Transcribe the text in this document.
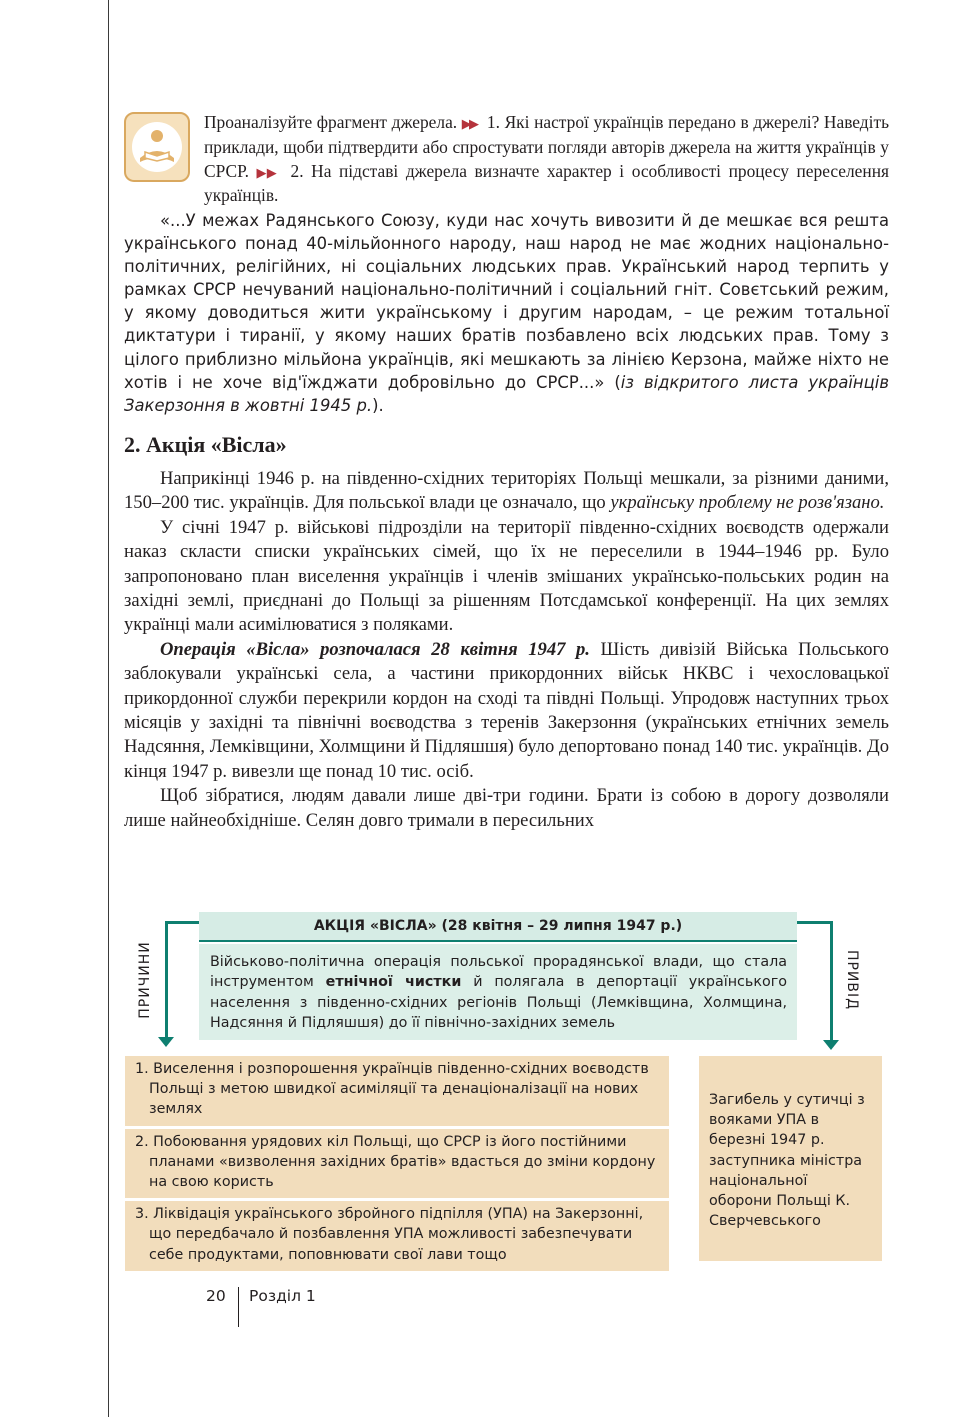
Проаналізуйте фрагмент джерела. ▶▶ 1. Які настрої українців передано в джерелі? Наведіть приклади, щоби підтвердити або спростувати погляди авторів джерела на життя українців у СРСР. ▶▶ 2. На підставі джерела визначте характер і особливості процесу переселення українців.

«...У межах Радянського Союзу, куди нас хочуть вивозити й де мешкає вся решта українського понад 40-мільйонного народу, наш народ не має жодних національно-політичних, релігійних, ні соціальних людських прав. Український народ терпить у рамках СРСР нечуваний національно-політичний і соціальний гніт. Совєтський режим, у якому доводиться жити українському і другим народам, – це режим тотальної диктатури і тиранії, у якому наших братів позбавлено всіх людських прав. Тому з цілого приблизно мільйона українців, які мешкають за лінією Керзона, майже ніхто не хотів і не хоче від'їжджати добровільно до СРСР...» (із відкритого листа українців Закерзоння в жовтні 1945 р.).

2. Акція «Вісла»

Наприкінці 1946 р. на південно-східних територіях Польщі мешкали, за різними даними, 150–200 тис. українців. Для польської влади це означало, що українську проблему не розв'язано.

У січні 1947 р. військові підрозділи на території південно-східних воєводств одержали наказ скласти списки українських сімей, що їх не переселили в 1944–1946 рр. Було запропоновано план виселення українців і членів змішаних українсько-польських родин на західні землі, приєднані до Польщі за рішенням Потсдамської конференції. На цих землях українці мали асимілюватися з поляками.

Операція «Вісла» розпочалася 28 квітня 1947 р. Шість дивізій Війська Польського заблокували українські села, а частини прикордонних військ НКВС і чехословацької прикордонної служби перекрили кордон на сході та півдні Польщі. Упродовж наступних трьох місяців у західні та північні воєводства з теренів Закерзоння (українських етнічних земель Надсяння, Лемківщини, Холмщини й Підляшшя) було депортовано понад 140 тис. українців. До кінця 1947 р. вивезли ще понад 10 тис. осіб.

Щоб зібратися, людям давали лише дві-три години. Брати із собою в дорогу дозволяли лише найнеобхідніше. Селян довго тримали в пересильних

АКЦІЯ «ВІСЛА» (28 квітня – 29 липня 1947 р.)
Військово-політична операція польської прорадянської влади, що стала інструментом етнічної чистки й полягала в депортації українського населення з південно-східних регіонів Польщі (Лемківщина, Холмщина, Надсяння й Підляшшя) до її північно-західних земель
ПРИЧИНИ	ПРИВІД
1. Виселення і розпорошення українців південно-східних воєводств Польщі з метою швидкої асиміляції та денаціоналізації на нових землях
2. Побоювання урядових кіл Польщі, що СРСР із його постійними планами «визволення західних братів» вдасться до зміни кордону на свою користь
3. Ліквідація українського збройного підпілля (УПА) на Закерзонні, що передбачало й позбавлення УПА можливості забезпечувати себе продуктами, поповнювати свої лави тощо
Загибель у сутичці з вояками УПА в березні 1947 р. заступника міністра національної оборони Польщі К. Сверчевського
20 Розділ 1
